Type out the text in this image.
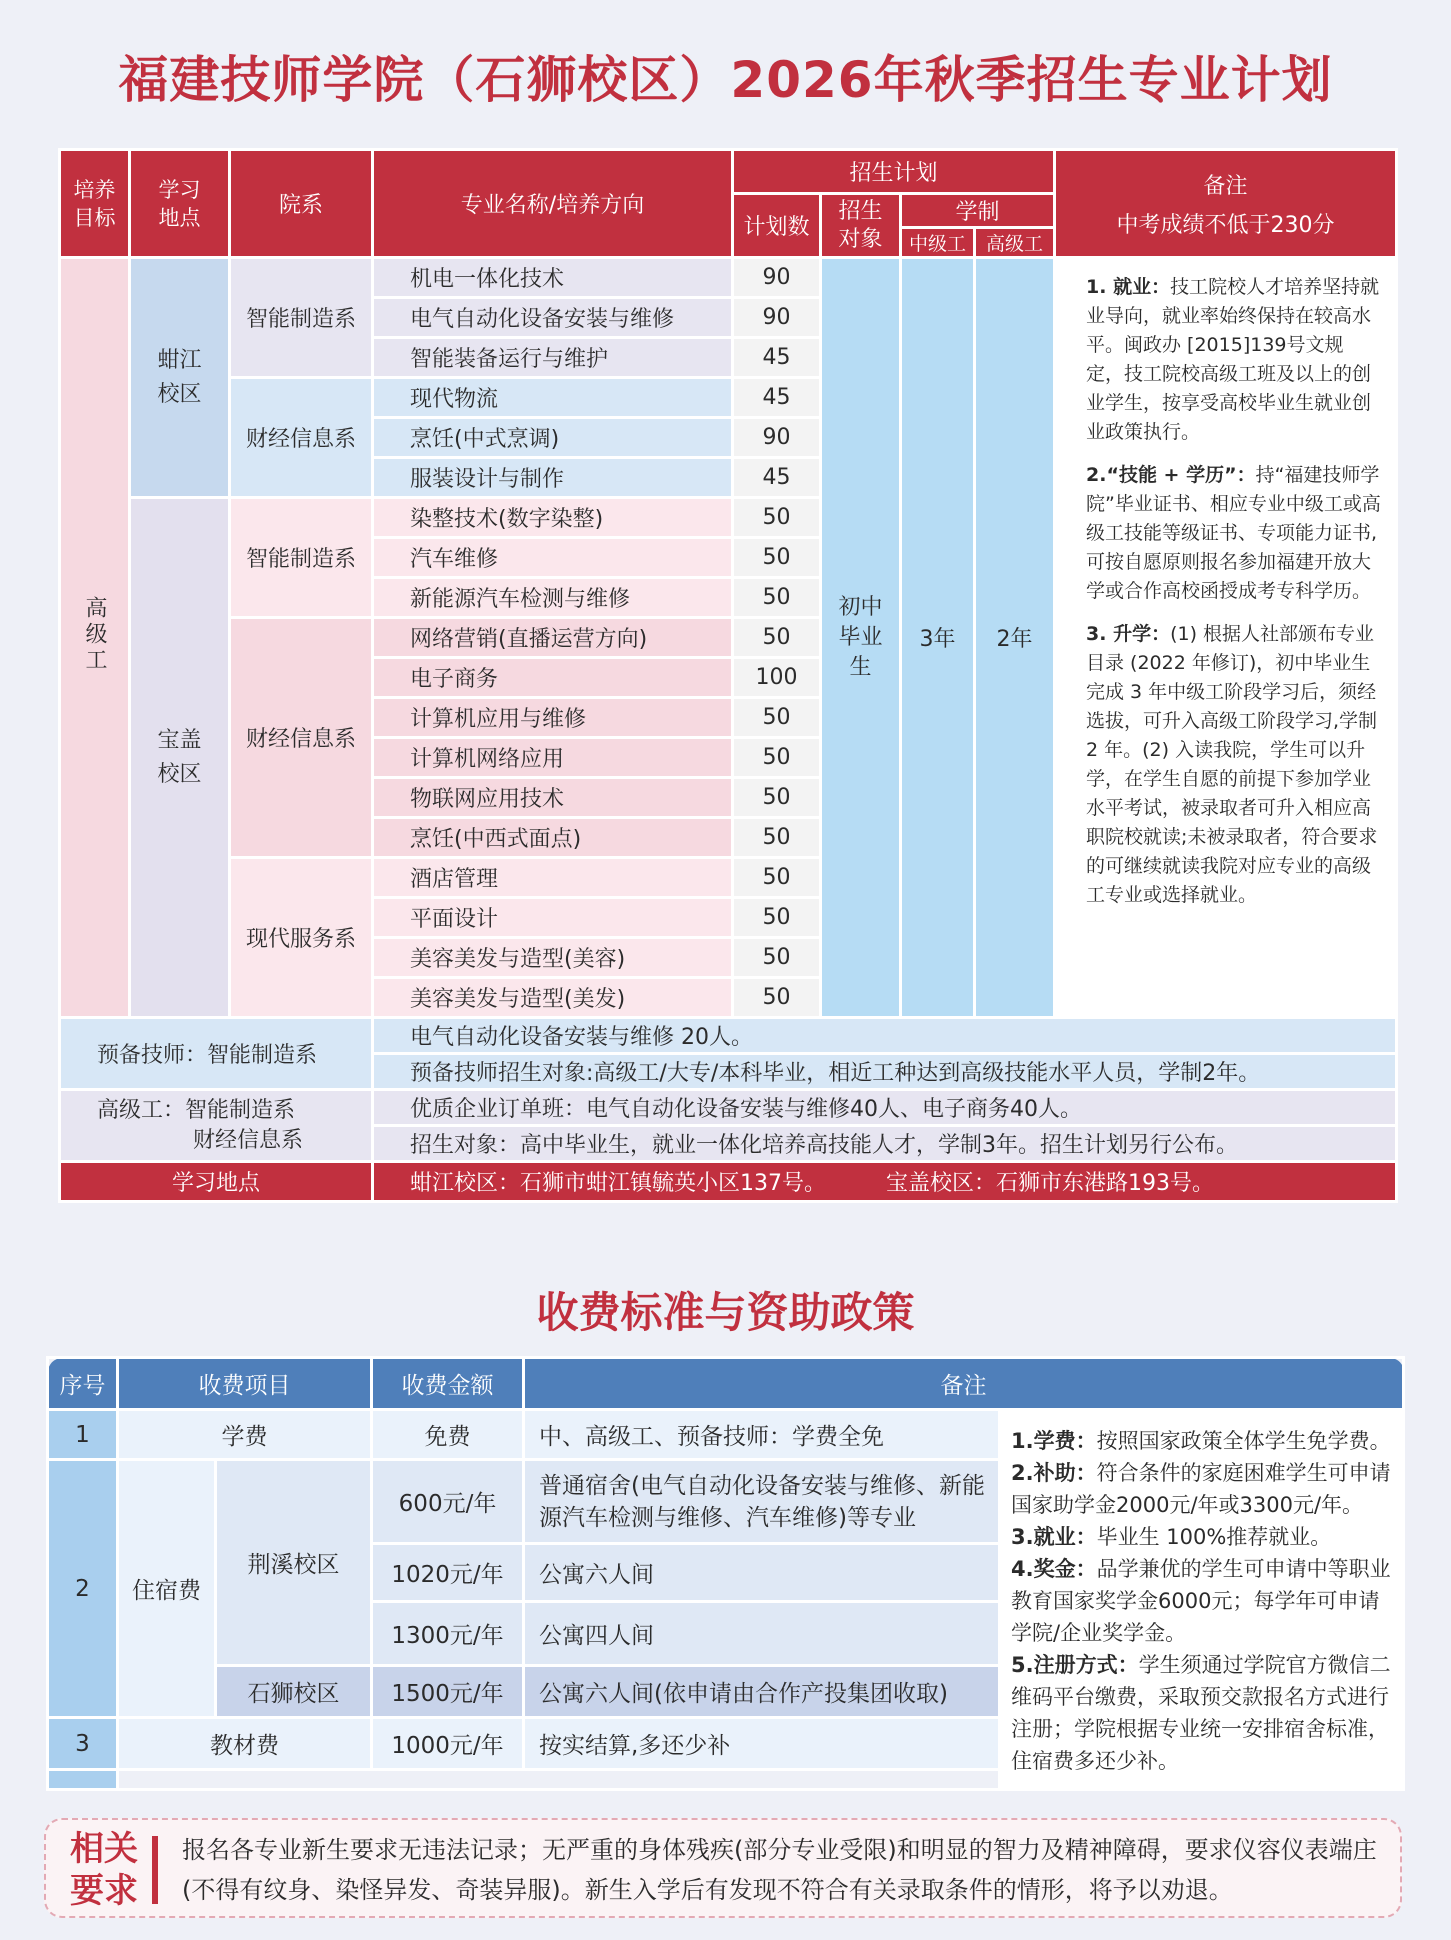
福建技师学院（石狮校区）2026年秋季招生专业计划
培养目标	学习地点	院系	专业名称/培养方向	招生计划				备注
中考成绩不低于230分

				计划数	招生对象	学制		
						中级工	高级工	
高级工	蚶江校区	智能制造系	机电一体化技术	90	初中毕业生	3年	2年	1. 就业：技工院校人才培养坚持就业导向，就业率始终保持在较高水平。闽政办 [2015]139号文规定，技工院校高级工班及以上的创业学生，按享受高校毕业生就业创业政策执行。

2.“技能 + 学历”：持“福建技师学院”毕业证书、相应专业中级工或高级工技能等级证书、专项能力证书,可按自愿原则报名参加福建开放大学或合作高校函授成考专科学历。

3. 升学：(1) 根据人社部颁布专业目录 (2022 年修订)，初中毕业生完成 3 年中级工阶段学习后，须经选拔，可升入高级工阶段学习,学制 2 年。(2) 入读我院，学生可以升学，在学生自愿的前提下参加学业水平考试，被录取者可升入相应高职院校就读;未被录取者，符合要求的可继续就读我院对应专业的高级工专业或选择就业。

			电气自动化设备安装与维修	90				
			智能装备运行与维护	45				
		财经信息系	现代物流	45				
			烹饪(中式烹调)	90				
			服装设计与制作	45				
	宝盖校区	智能制造系	染整技术(数字染整)	50				
			汽车维修	50				
			新能源汽车检测与维修	50				
		财经信息系	网络营销(直播运营方向)	50				
			电子商务	100				
			计算机应用与维修	50				
			计算机网络应用	50				
			物联网应用技术	50				
			烹饪(中西式面点)	50				
		现代服务系	酒店管理	50				
			平面设计	50				
			美容美发与造型(美容)	50				
			美容美发与造型(美发)	50				
预备技师：智能制造系			电气自动化设备安装与维修 20人。					
			预备技师招生对象:高级工/大专/本科毕业，相近工种达到高级技能水平人员，学制2年。					

高级工：智能制造系
财经信息系			优质企业订单班：电气自动化设备安装与维修40人、电子商务40人。					
			招生对象：高中毕业生，就业一体化培养高技能人才，学制3年。招生计划另行公布。					
学习地点			蚶江校区：石狮市蚶江镇毓英小区137号。 宝盖校区：石狮市东港路193号。					
收费标准与资助政策
序号	收费项目		收费金额	备注	
1	学费		免费	中、高级工、预备技师：学费全免	1.学费：按照国家政策全体学生免学费。
2.补助：符合条件的家庭困难学生可申请国家助学金2000元/年或3300元/年。
3.就业：毕业生 100%推荐就业。
4.奖金：品学兼优的学生可申请中等职业教育国家奖学金6000元；每学年可申请学院/企业奖学金。
5.注册方式：学生须通过学院官方微信二维码平台缴费，采取预交款报名方式进行注册；学院根据专业统一安排宿舍标准，住宿费多还少补。

2	住宿费	荆溪校区	600元/年	普通宿舍(电气自动化设备安装与维修、新能源汽车检测与维修、汽车维修)等专业	
			1020元/年	公寓六人间	
			1300元/年	公寓四人间	
		石狮校区	1500元/年	公寓六人间(依申请由合作产投集团收取)	
3	教材费		1000元/年	按实结算,多还少补	

相关要求
报名各专业新生要求无违法记录；无严重的身体残疾(部分专业受限)和明显的智力及精神障碍，要求仪容仪表端庄(不得有纹身、染怪异发、奇装异服)。新生入学后有发现不符合有关录取条件的情形，将予以劝退。
